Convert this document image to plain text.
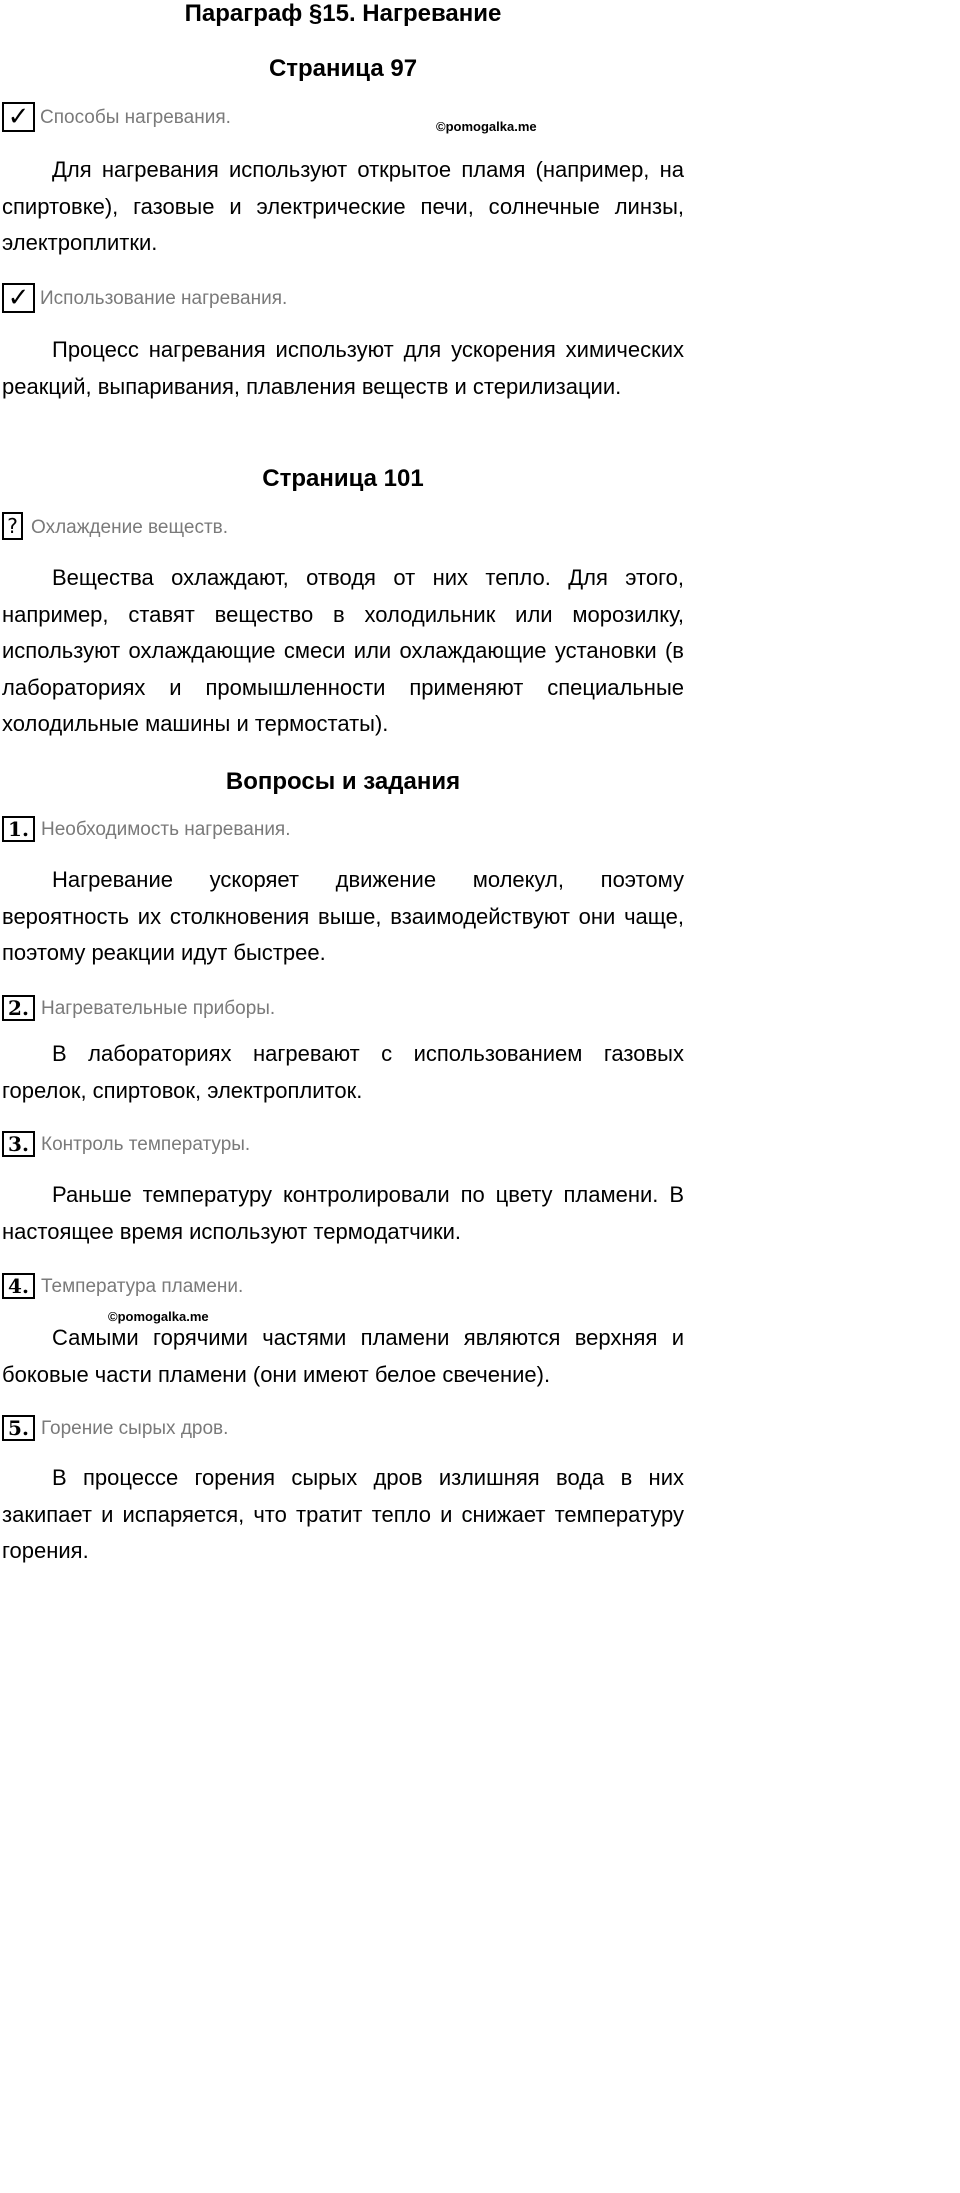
Параграф §15. Нагревание
Страница 97
✓ Способы нагревания.	©pomogalka.me
Для нагревания используют открытое пламя (например, на спиртовке), газовые и электрические печи, солнечные линзы, электроплитки.
✓ Использование нагревания.
Процесс нагревания используют для ускорения химических реакций, выпаривания, плавления веществ и стерилизации.
Страница 101
? Охлаждение веществ.
Вещества охлаждают, отводя от них тепло. Для этого, например, ставят вещество в холодильник или морозилку, используют охлаждающие смеси или охлаждающие установки (в лабораториях и промышленности применяют специальные холодильные машины и термостаты).
Вопросы и задания
1. Необходимость нагревания.
Нагревание ускоряет движение молекул, поэтому вероятность их столкновения выше, взаимодействуют они чаще, поэтому реакции идут быстрее.
2. Нагревательные приборы.
В лабораториях нагревают с использованием газовых горелок, спиртовок, электроплиток.
3. Контроль температуры.
Раньше температуру контролировали по цвету пламени. В настоящее время используют термодатчики.
4. Температура пламени.
©pomogalka.me
Самыми горячими частями пламени являются верхняя и боковые части пламени (они имеют белое свечение).
5. Горение сырых дров.
В процессе горения сырых дров излишняя вода в них закипает и испаряется, что тратит тепло и снижает температуру горения.
